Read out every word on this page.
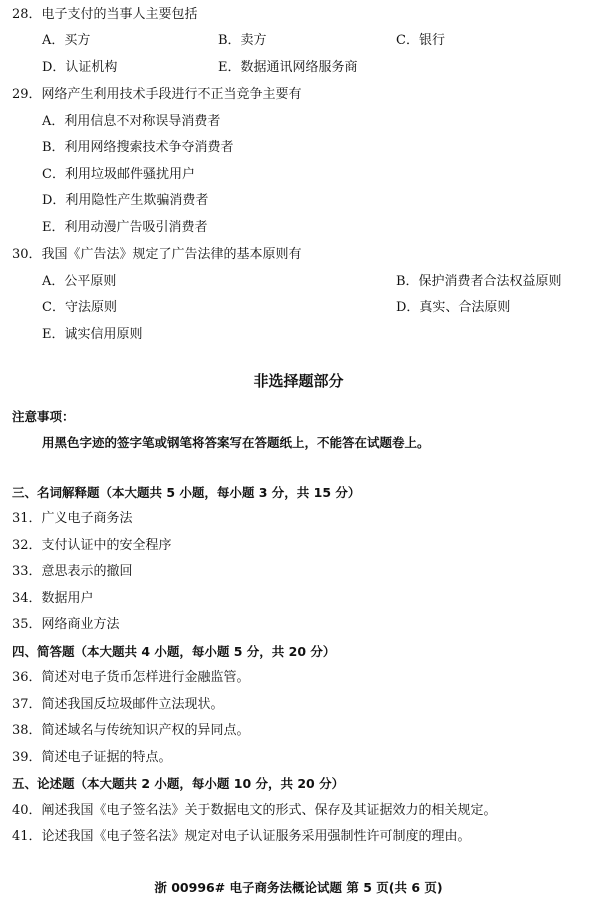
28．电子支付的当事人主要包括
A．买方	B．卖方	C．银行
D．认证机构	E．数据通讯网络服务商
29．网络产生利用技术手段进行不正当竞争主要有
A．利用信息不对称误导消费者
B．利用网络搜索技术争夺消费者
C．利用垃圾邮件骚扰用户
D．利用隐性产生欺骗消费者
E．利用动漫广告吸引消费者
30．我国《广告法》规定了广告法律的基本原则有
A．公平原则	B．保护消费者合法权益原则
C．守法原则	D．真实、合法原则
E．诚实信用原则
非选择题部分
注意事项：
用黑色字迹的签字笔或钢笔将答案写在答题纸上，不能答在试题卷上。
三、名词解释题（本大题共 5 小题，每小题 3 分，共 15 分）
31．广义电子商务法
32．支付认证中的安全程序
33．意思表示的撤回
34．数据用户
35．网络商业方法
四、简答题（本大题共 4 小题，每小题 5 分，共 20 分）
36．简述对电子货币怎样进行金融监管。
37．简述我国反垃圾邮件立法现状。
38．简述域名与传统知识产权的异同点。
39．简述电子证据的特点。
五、论述题（本大题共 2 小题，每小题 10 分，共 20 分）
40．阐述我国《电子签名法》关于数据电文的形式、保存及其证据效力的相关规定。
41．论述我国《电子签名法》规定对电子认证服务采用强制性许可制度的理由。
浙 00996# 电子商务法概论试题 第 5 页(共 6 页)
